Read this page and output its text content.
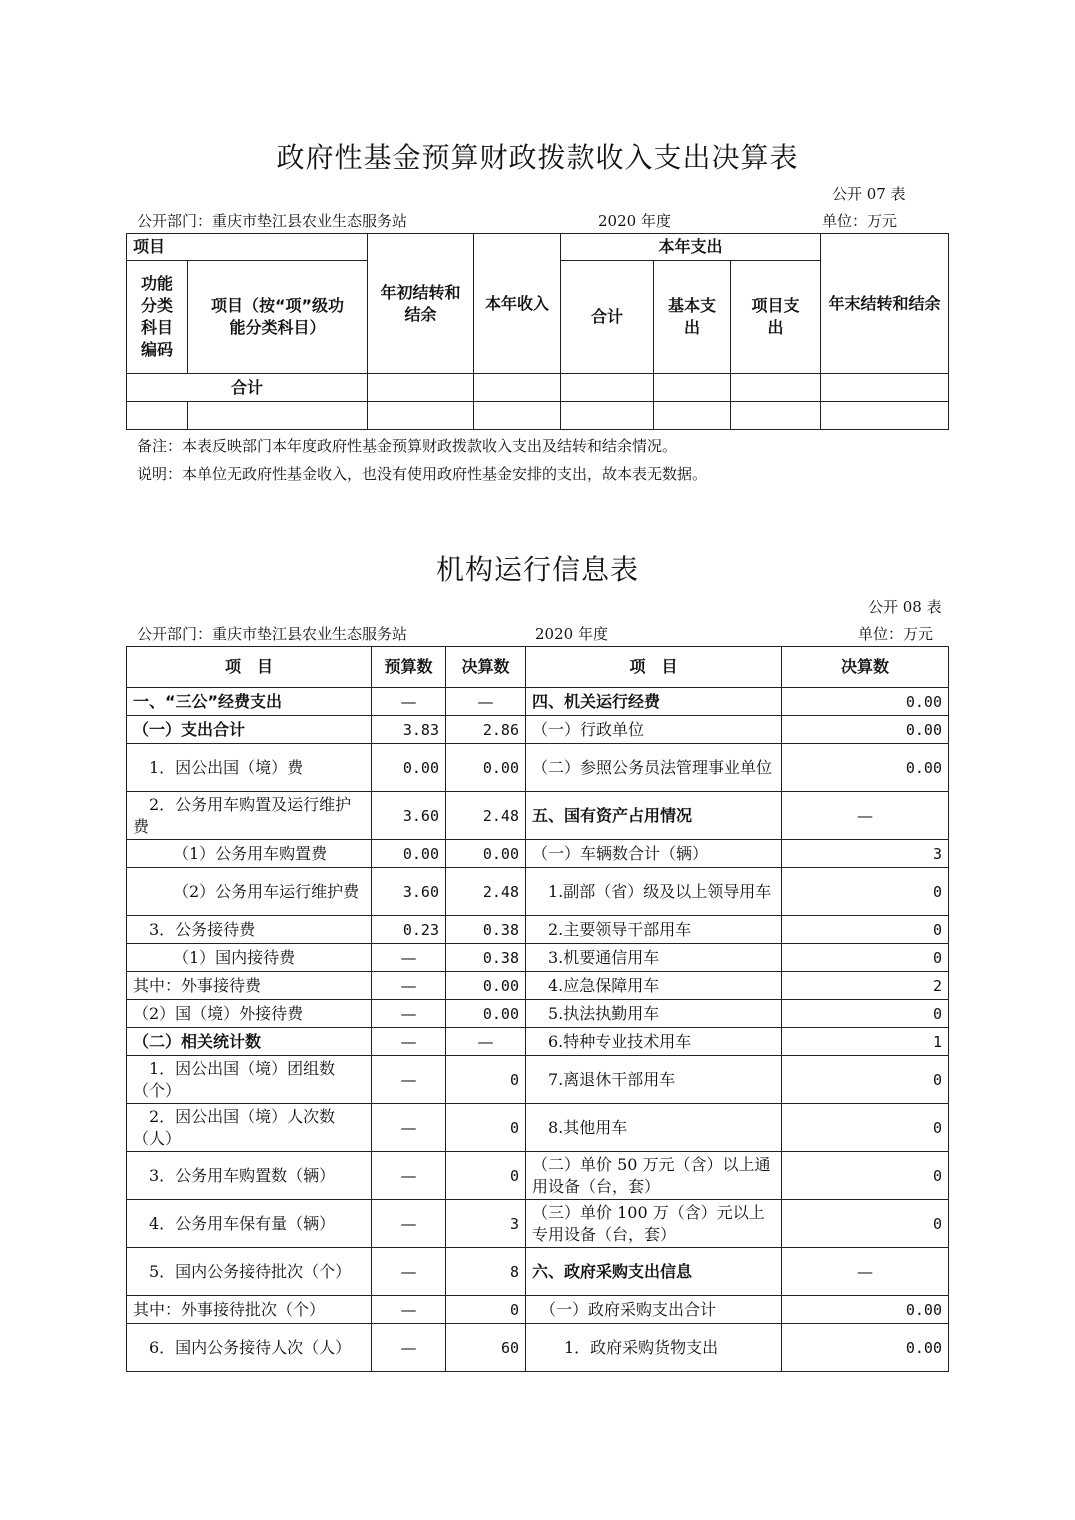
政府性基金预算财政拨款收入支出决算表
公开 07 表
公开部门：重庆市垫江县农业生态服务站	2020 年度	单位：万元
项目		年初结转和结余	本年收入	本年支出			年末结转和结余
功能分类科目编码	项目（按“项”级功能分类科目）			合计	基本支出	项目支出	
合计							

备注：本表反映部门本年度政府性基金预算财政拨款收入支出及结转和结余情况。
说明：本单位无政府性基金收入，也没有使用政府性基金安排的支出，故本表无数据。
机构运行信息表
公开 08 表
公开部门：重庆市垫江县农业生态服务站	2020 年度	单位：万元
项　目	预算数	决算数	项　目	决算数
一、“三公”经费支出	—	—	四、机关运行经费	0.00
（一）支出合计	3.83	2.86	（一）行政单位	0.00
　1．因公出国（境）费	0.00	0.00	（二）参照公务员法管理事业单位	0.00
　2．公务用车购置及运行维护费	3.60	2.48	五、国有资产占用情况	—
　　　（1）公务用车购置费	0.00	0.00	（一）车辆数合计（辆）	3
　　　（2）公务用车运行维护费	3.60	2.48	　1.副部（省）级及以上领导用车	0
　3．公务接待费	0.23	0.38	　2.主要领导干部用车	0
　　　（1）国内接待费	—	0.38	　3.机要通信用车	0
其中：外事接待费	—	0.00	　4.应急保障用车	2
（2）国（境）外接待费	—	0.00	　5.执法执勤用车	0
（二）相关统计数	—	—	　6.特种专业技术用车	1
　1．因公出国（境）团组数（个）	—	0	　7.离退休干部用车	0
　2．因公出国（境）人次数（人）	—	0	　8.其他用车	0
　3．公务用车购置数（辆）	—	0	（二）单价 50 万元（含）以上通用设备（台，套）	0
　4．公务用车保有量（辆）	—	3	（三）单价 100 万（含）元以上专用设备（台，套）	0
　5．国内公务接待批次（个）	—	8	六、政府采购支出信息	—
其中：外事接待批次（个）	—	0	　（一）政府采购支出合计	0.00
　6．国内公务接待人次（人）	—	60	　　1．政府采购货物支出	0.00
